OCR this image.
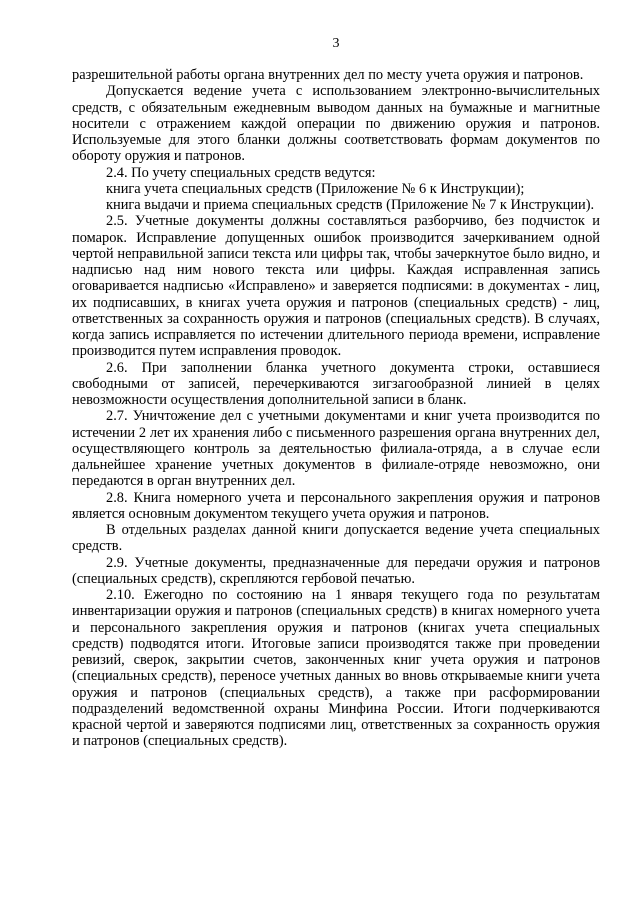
3

разрешительной работы органа внутренних дел по месту учета оружия и патронов.

Допускается ведение учета с использованием электронно-вычислительных средств, с обязательным ежедневным выводом данных на бумажные и магнитные носители с отражением каждой операции по движению оружия и патронов. Используемые для этого бланки должны соответствовать формам документов по обороту оружия и патронов.

2.4. По учету специальных средств ведутся:

книга учета специальных средств (Приложение № 6 к Инструкции);

книга выдачи и приема специальных средств (Приложение № 7 к Инструкции).

2.5. Учетные документы должны составляться разборчиво, без подчисток и помарок. Исправление допущенных ошибок производится зачеркиванием одной чертой неправильной записи текста или цифры так, чтобы зачеркнутое было видно, и надписью над ним нового текста или цифры. Каждая исправленная запись оговаривается надписью «Исправлено» и заверяется подписями: в документах - лиц, их подписавших, в книгах учета оружия и патронов (специальных средств) - лиц, ответственных за сохранность оружия и патронов (специальных средств). В случаях, когда запись исправляется по истечении длительного периода времени, исправление производится путем исправления проводок.

2.6. При заполнении бланка учетного документа строки, оставшиеся свободными от записей, перечеркиваются зигзагообразной линией в целях невозможности осуществления дополнительной записи в бланк.

2.7. Уничтожение дел с учетными документами и книг учета производится по истечении 2 лет их хранения либо с письменного разрешения органа внутренних дел, осуществляющего контроль за деятельностью филиала-отряда, а в случае если дальнейшее хранение учетных документов в филиале-отряде невозможно, они передаются в орган внутренних дел.

2.8. Книга номерного учета и персонального закрепления оружия и патронов является основным документом текущего учета оружия и патронов.

В отдельных разделах данной книги допускается ведение учета специальных средств.

2.9. Учетные документы, предназначенные для передачи оружия и патронов (специальных средств), скрепляются гербовой печатью.

2.10. Ежегодно по состоянию на 1 января текущего года по результатам инвентаризации оружия и патронов (специальных средств) в книгах номерного учета и персонального закрепления оружия и патронов (книгах учета специальных средств) подводятся итоги. Итоговые записи производятся также при проведении ревизий, сверок, закрытии счетов, законченных книг учета оружия и патронов (специальных средств), переносе учетных данных во вновь открываемые книги учета оружия и патронов (специальных средств), а также при расформировании подразделений ведомственной охраны Минфина России. Итоги подчеркиваются красной чертой и заверяются подписями лиц, ответственных за сохранность оружия и патронов (специальных средств).
